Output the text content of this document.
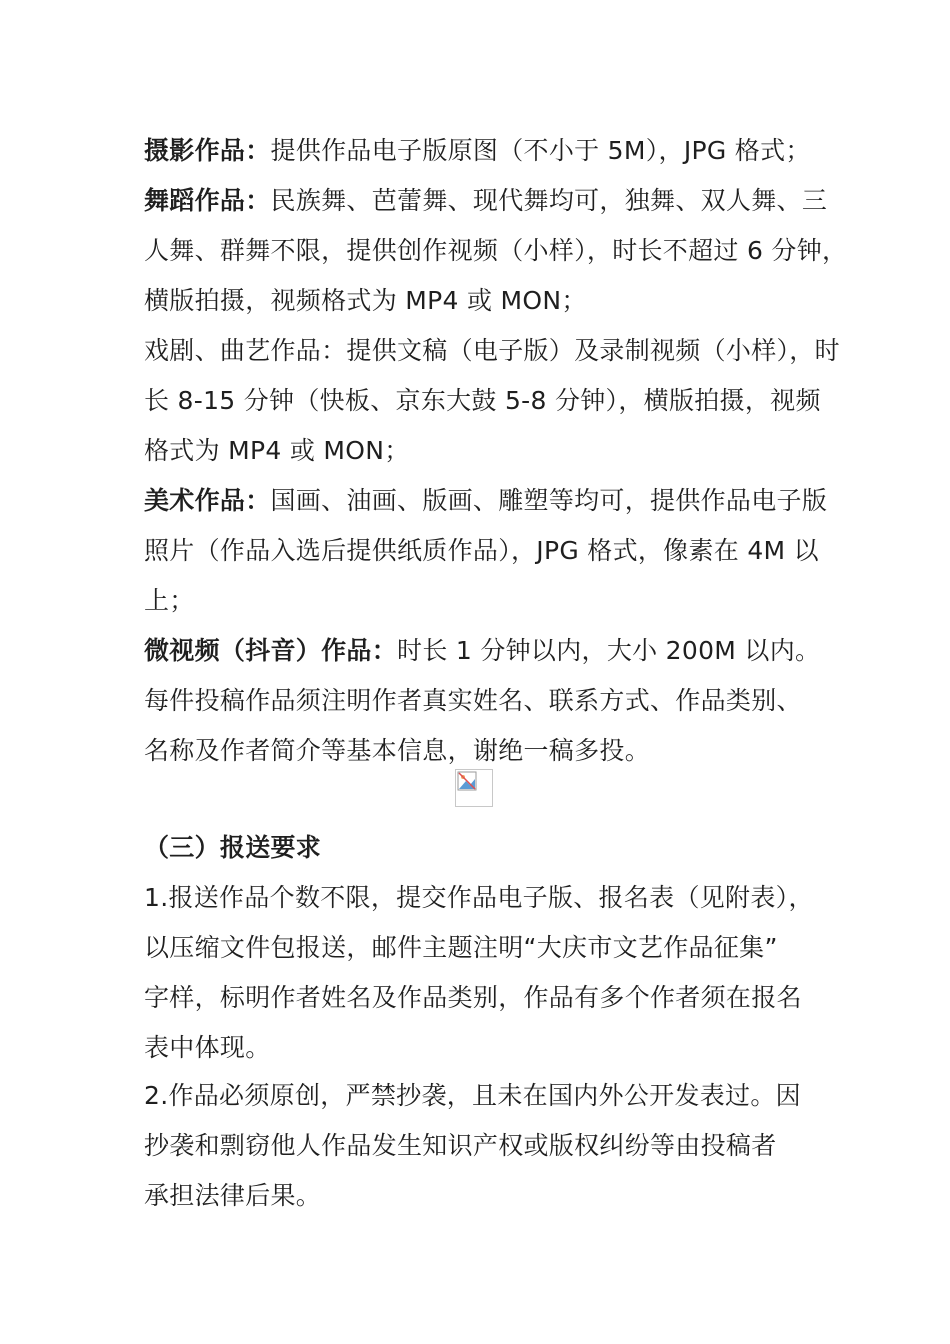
摄影作品：提供作品电子版原图（不小于 5M），JPG 格式；
舞蹈作品：民族舞、芭蕾舞、现代舞均可，独舞、双人舞、三
人舞、群舞不限，提供创作视频（小样），时长不超过 6 分钟，
横版拍摄，视频格式为 MP4 或 MON；
戏剧、曲艺作品：提供文稿（电子版）及录制视频（小样），时
长 8-15 分钟（快板、京东大鼓 5-8 分钟），横版拍摄，视频
格式为 MP4 或 MON；
美术作品：国画、油画、版画、雕塑等均可，提供作品电子版
照片（作品入选后提供纸质作品），JPG 格式，像素在 4M 以
上；
微视频（抖音）作品：时长 1 分钟以内，大小 200M 以内。
每件投稿作品须注明作者真实姓名、联系方式、作品类别、
名称及作者简介等基本信息，谢绝一稿多投。
（三）报送要求
1.报送作品个数不限，提交作品电子版、报名表（见附表），
以压缩文件包报送，邮件主题注明“大庆市文艺作品征集”
字样，标明作者姓名及作品类别，作品有多个作者须在报名
表中体现。
2.作品必须原创，严禁抄袭，且未在国内外公开发表过。因
抄袭和剽窃他人作品发生知识产权或版权纠纷等由投稿者
承担法律后果。
